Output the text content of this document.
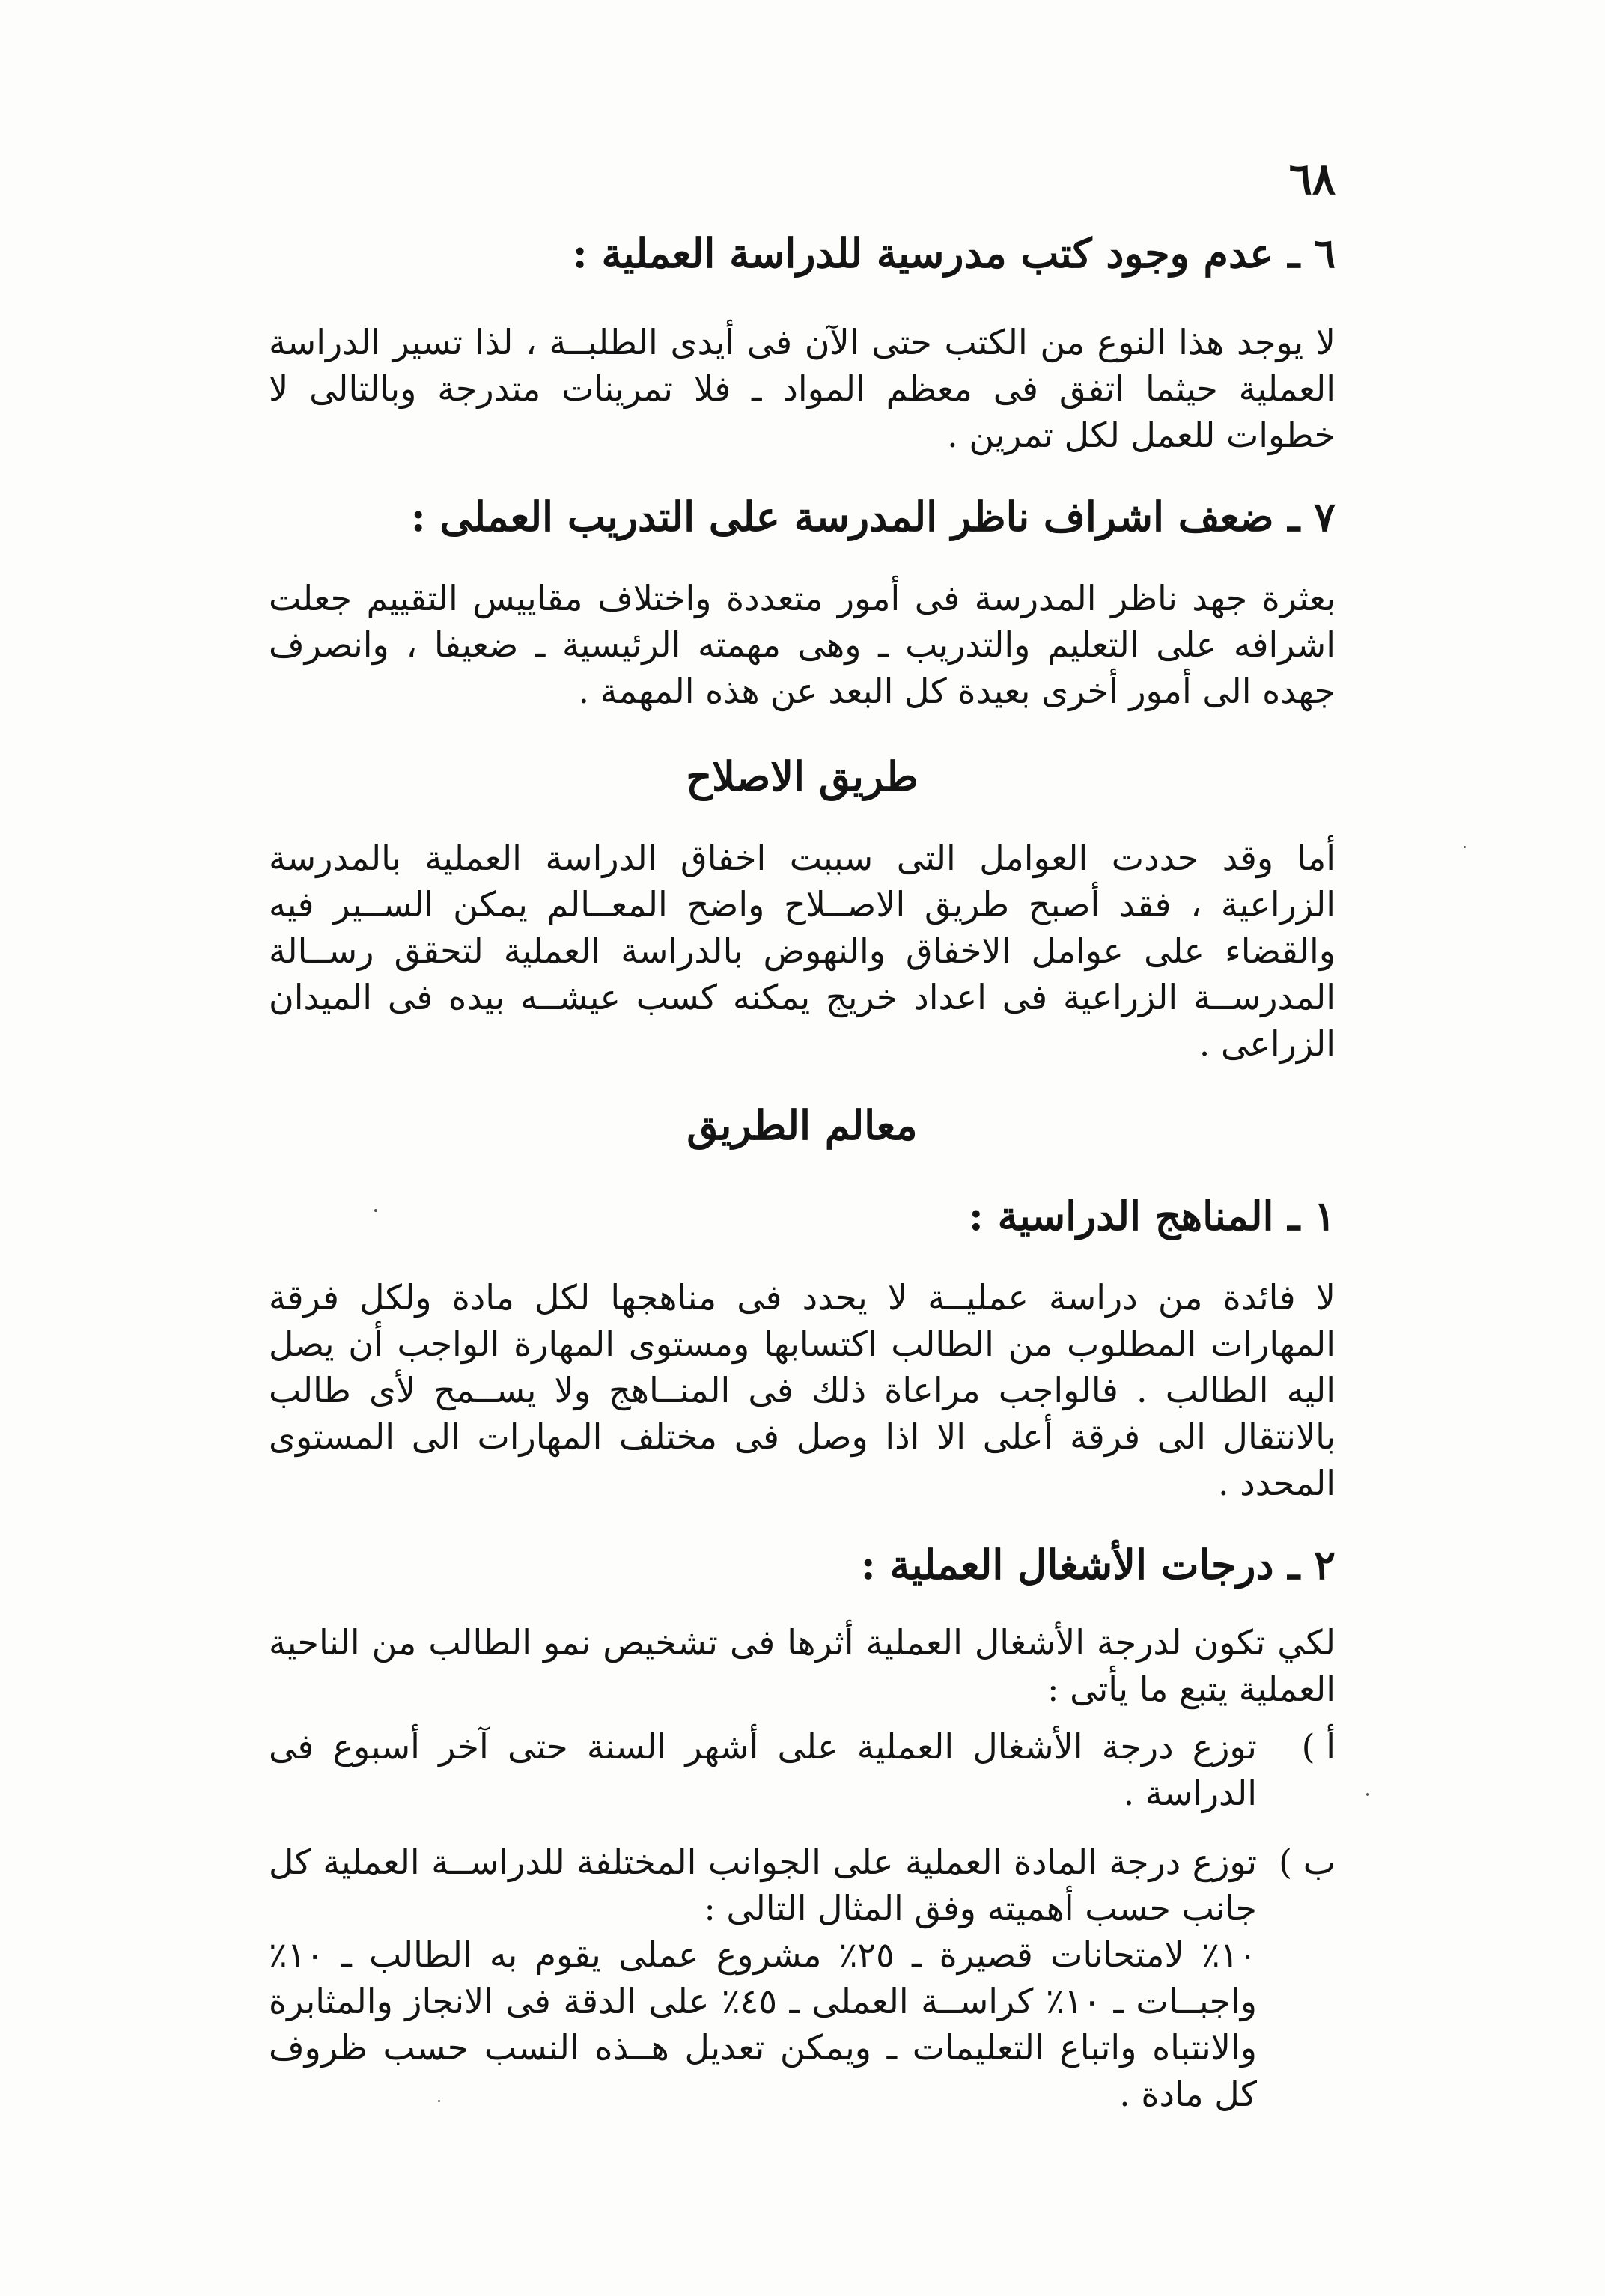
٦٨
٦ ـ عدم وجود كتب مدرسية للدراسة العملية :

لا يوجد هذا النوع من الكتب حتى الآن فى أيدى الطلبــة ، لذا تسير الدراسة العملية حيثما اتفق فى معظم المواد ـ فلا تمرينات متدرجة وبالتالى لا خطوات للعمل لكل تمرين .

٧ ـ ضعف اشراف ناظر المدرسة على التدريب العملى :

بعثرة جهد ناظر المدرسة فى أمور متعددة واختلاف مقاييس التقييم جعلت اشرافه على التعليم والتدريب ـ وهى مهمته الرئيسية ـ ضعيفا ، وانصرف جهده الى أمور أخرى بعيدة كل البعد عن هذه المهمة .

طريق الاصلاح

أما وقد حددت العوامل التى سببت اخفاق الدراسة العملية بالمدرسة الزراعية ، فقد أصبح طريق الاصــلاح واضح المعــالم يمكن الســير فيه والقضاء على عوامل الاخفاق والنهوض بالدراسة العملية لتحقق رســالة المدرســة الزراعية فى اعداد خريج يمكنه كسب عيشــه بيده فى الميدان الزراعى .

معالم الطريق
١ ـ المناهج الدراسية :

لا فائدة من دراسة عمليــة لا يحدد فى مناهجها لكل مادة ولكل فرقة المهارات المطلوب من الطالب اكتسابها ومستوى المهارة الواجب أن يصل اليه الطالب . فالواجب مراعاة ذلك فى المنــاهج ولا يســمح لأى طالب بالانتقال الى فرقة أعلى الا اذا وصل فى مختلف المهارات الى المستوى المحدد .

٢ ـ درجات الأشغال العملية :

لكي تكون لدرجة الأشغال العملية أثرها فى تشخيص نمو الطالب من الناحية العملية يتبع ما يأتى :

أ )
توزع درجة الأشغال العملية على أشهر السنة حتى آخر أسبوع فى الدراسة .
ب )
توزع درجة المادة العملية على الجوانب المختلفة للدراســة العملية كل جانب حسب أهميته وفق المثال التالى :
١٠٪ لامتحانات قصيرة ـ ٢٥٪ مشروع عملى يقوم به الطالب ـ ١٠٪ واجبــات ـ ١٠٪ كراســة العملى ـ ٤٥٪ على الدقة فى الانجاز والمثابرة والانتباه واتباع التعليمات ـ ويمكن تعديل هــذه النسب حسب ظروف كل مادة .
